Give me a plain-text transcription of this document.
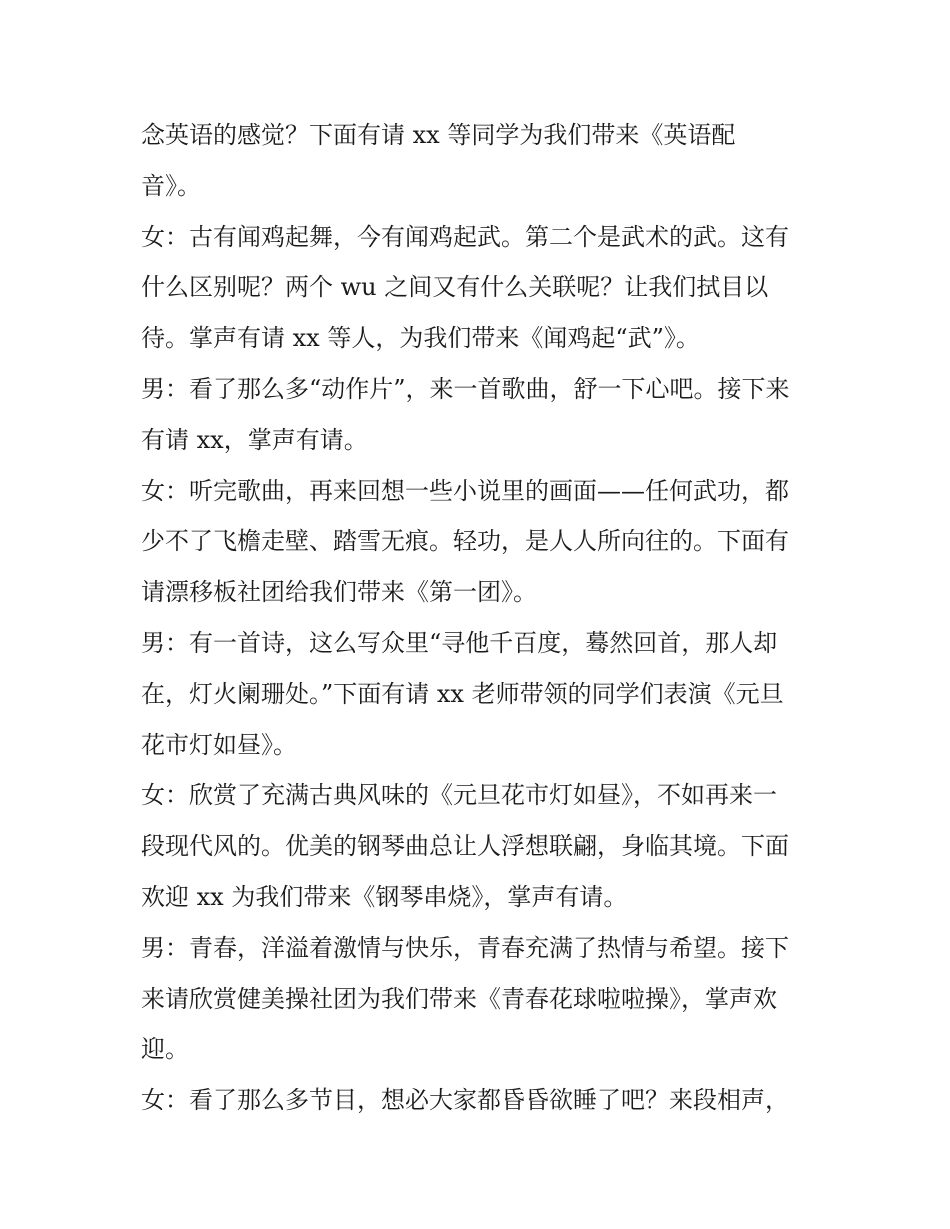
念英语的感觉？下面有请 xx 等同学为我们带来《英语配
音》。
女：古有闻鸡起舞，今有闻鸡起武。第二个是武术的武。这有
什么区别呢？两个 wu 之间又有什么关联呢？让我们拭目以
待。掌声有请 xx 等人，为我们带来《闻鸡起“武”》。
男：看了那么多“动作片”，来一首歌曲，舒一下心吧。接下来
有请 xx，掌声有请。
女：听完歌曲，再来回想一些小说里的画面——任何武功，都
少不了飞檐走壁、踏雪无痕。轻功，是人人所向往的。下面有
请漂移板社团给我们带来《第一团》。
男：有一首诗，这么写众里“寻他千百度，蓦然回首，那人却
在，灯火阑珊处。”下面有请 xx 老师带领的同学们表演《元旦
花市灯如昼》。
女：欣赏了充满古典风味的《元旦花市灯如昼》，不如再来一
段现代风的。优美的钢琴曲总让人浮想联翩，身临其境。下面
欢迎 xx 为我们带来《钢琴串烧》，掌声有请。
男：青春，洋溢着激情与快乐，青春充满了热情与希望。接下
来请欣赏健美操社团为我们带来《青春花球啦啦操》，掌声欢
迎。
女：看了那么多节目，想必大家都昏昏欲睡了吧？来段相声，
